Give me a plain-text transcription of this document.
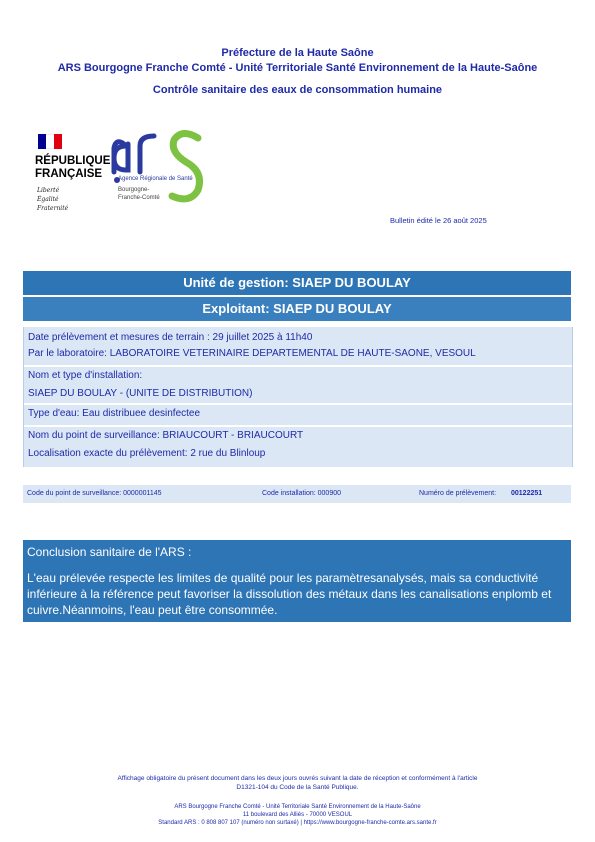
Préfecture de la Haute Saône
ARS Bourgogne Franche Comté - Unité Territoriale Santé Environnement de la Haute-Saône
Contrôle sanitaire des eaux de consommation humaine
RÉPUBLIQUE
FRANÇAISE
Liberté
Égalité
Fraternité
Agence Régionale de Santé
Bourgogne-
Franche-Comté
Bulletin édité le 26 août 2025
Unité de gestion: SIAEP DU BOULAY
Exploitant: SIAEP DU BOULAY
Date prélèvement et mesures de terrain : 29 juillet 2025 à 11h40
Par le laboratoire: LABORATOIRE VETERINAIRE DEPARTEMENTAL DE HAUTE-SAONE, VESOUL
Nom et type d'installation:
SIAEP DU BOULAY - (UNITE DE DISTRIBUTION)
Type d'eau: Eau distribuee desinfectee
Nom du point de surveillance: BRIAUCOURT - BRIAUCOURT
Localisation exacte du prélèvement: 2 rue du Blinloup
Code du point de surveillance: 0000001145	Code installation: 000900	Numéro de prélèvement: 00122251
Conclusion sanitaire de l'ARS :
L'eau prélevée respecte les limites de qualité pour les paramètresanalysés, mais sa conductivité inférieure à la référence peut favoriser la dissolution des métaux dans les canalisations enplomb et cuivre.Néanmoins, l'eau peut être consommée.
Affichage obligatoire du présent document dans les deux jours ouvrés suivant la date de réception et conformément à l'article
D1321-104 du Code de la Santé Publique.
ARS Bourgogne Franche Comté - Unité Territoriale Santé Environnement de la Haute-Saône
11 boulevard des Alliés - 70000 VESOUL
Standard ARS : 0 808 807 107 (numéro non surtaxé) | https://www.bourgogne-franche-comte.ars.sante.fr
